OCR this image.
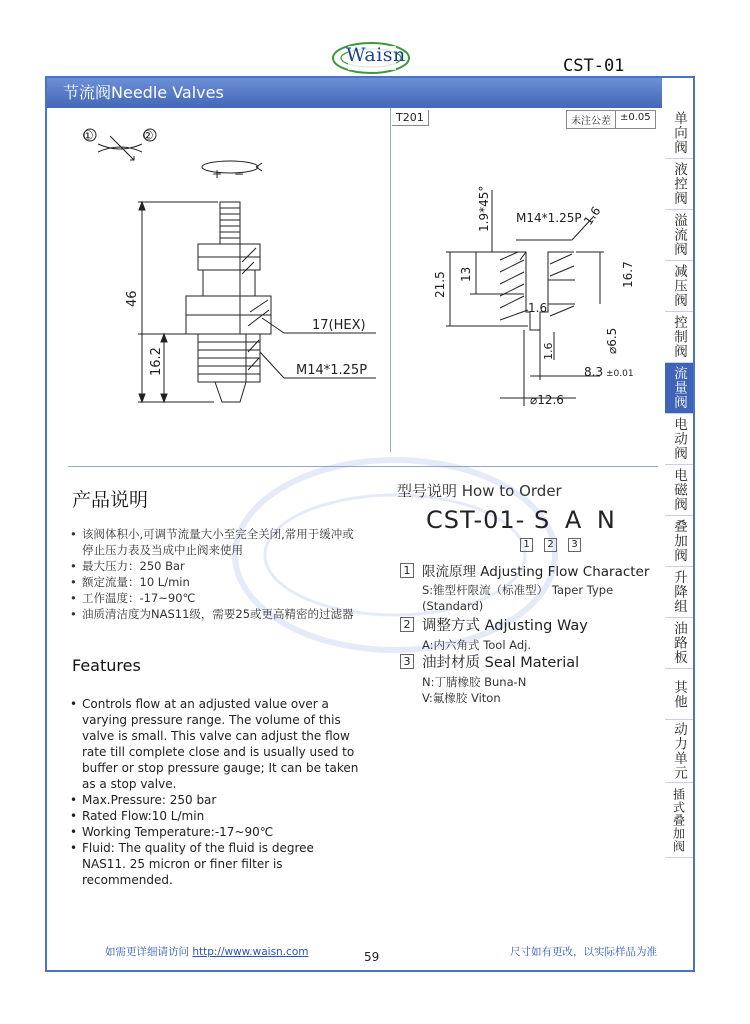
Waisn	CST-01
节流阀Needle Valves
单向阀
液控阀
溢流阀
减压阀
控制阀
流量阀
电动阀
电磁阀
叠加阀
升降组
油路板
其他
动力单元
插式叠加阀
①	②
+ −
46
16.2
17(HEX)
M14*1.25P
T201	未注公差 ±0.05
1.9*45° M14*1.25P 1.6
21.5 13	16.7
1.6
1.6	⌀6.5
8.3 ±0.01
⌀12.6
产品说明
• 该阀体积小,可调节流量大小至完全关闭,常用于缓冲或停止压力表及当成中止阀来使用
• 最大压力：250 Bar
• 额定流量：10 L/min
• 工作温度：-17~90℃
• 油质清洁度为NAS11级，需要25或更高精密的过滤器
Features
• Controls flow at an adjusted value over a varying pressure range. The volume of this valve is small. This valve can adjust the flow rate till complete close and is usually used to buffer or stop pressure gauge; It can be taken as a stop valve.
• Max.Pressure: 250 bar
• Rated Flow:10 L/min
• Working Temperature:-17~90℃
• Fluid: The quality of the fluid is degree NAS11. 25 micron or finer filter is recommended.
型号说明 How to Order
CST-01- S A N
1	2	3
1 限流原理 Adjusting Flow Character
S:锥型杆限流（标准型） Taper Type
(Standard)
2 调整方式 Adjusting Way
A:内六角式 Tool Adj.
3 油封材质 Seal Material
N:丁腈橡胶 Buna-N
V:氟橡胶 Viton
如需更详细请访问 http://www.waisn.com	59	尺寸如有更改，以实际样品为准
